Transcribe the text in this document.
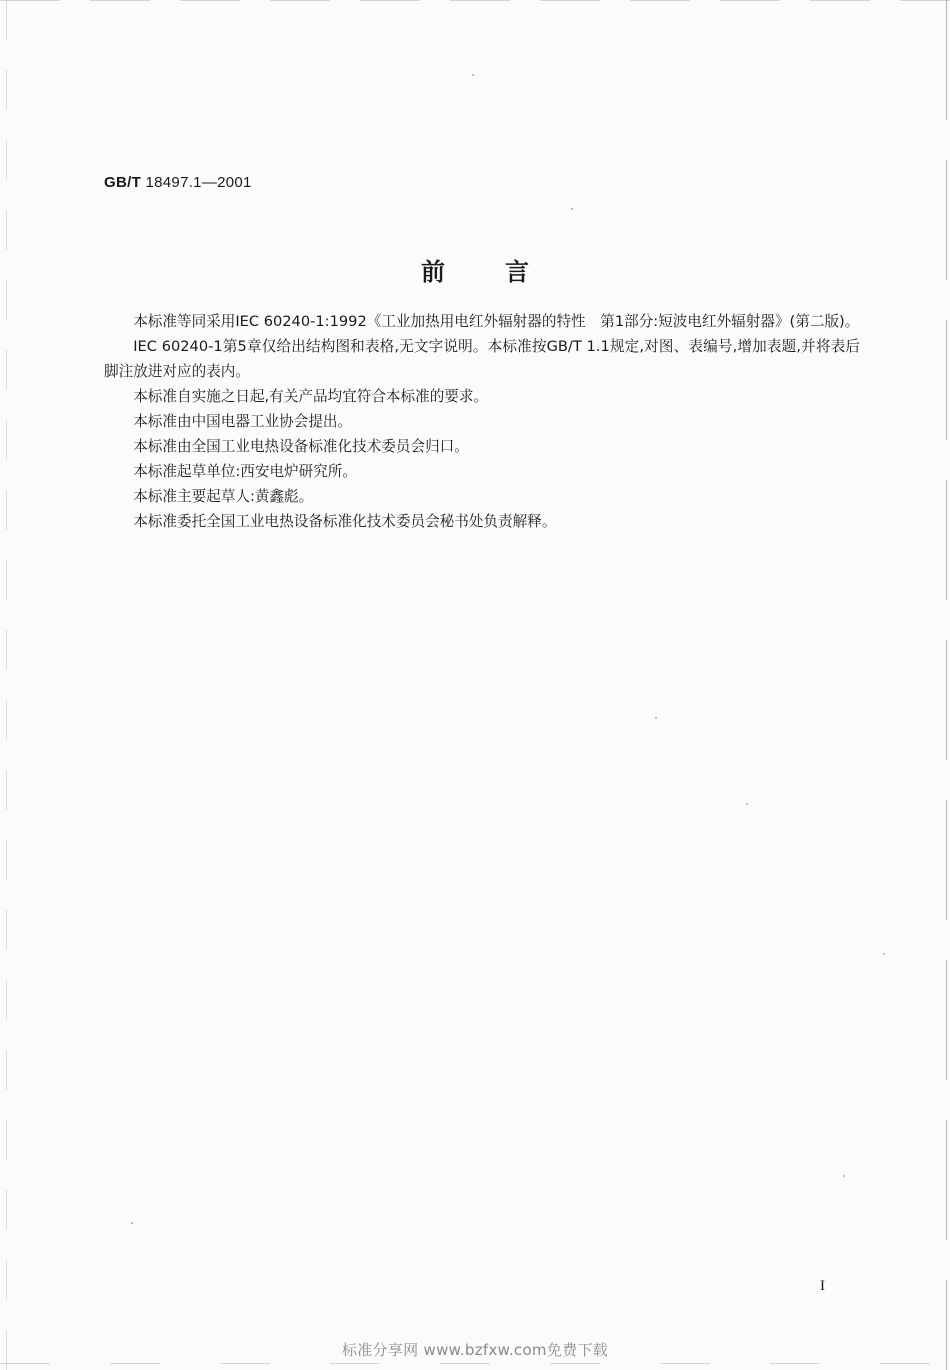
GB/T 18497.1—2001
前言

本标准等同采用IEC 60240-1:1992《工业加热用电红外辐射器的特性　第1部分:短波电红外辐射器》(第二版)。

IEC 60240-1第5章仅给出结构图和表格,无文字说明。本标准按GB/T 1.1规定,对图、表编号,增加表题,并将表后脚注放进对应的表内。

本标准自实施之日起,有关产品均宜符合本标准的要求。

本标准由中国电器工业协会提出。

本标准由全国工业电热设备标准化技术委员会归口。

本标准起草单位:西安电炉研究所。

本标准主要起草人:黄鑫彪。

本标准委托全国工业电热设备标准化技术委员会秘书处负责解释。

I
标准分享网 www.bzfxw.com免费下载
